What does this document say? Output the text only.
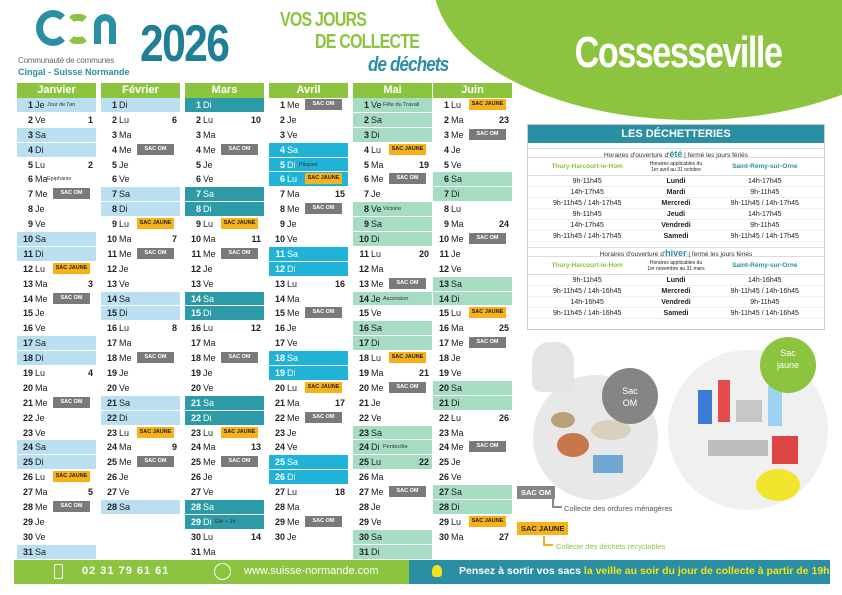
Cossesseville
Communauté de communes
Cingal - Suisse Normande 2026	VOS JOURS
DE COLLECTE
de déchets
Janvier
1 Je Jour de l'an
2 Ve	1
3 Sa
4 Di
5 Lu	2
6 Ma Epiphanie
7 Me	SAC OM
8 Je
9 Ve
10 Sa
11 Di
12 Lu	SAC JAUNE
13 Ma	3
14 Me	SAC OM
15 Je
16 Ve
17 Sa
18 Di
19 Lu	4
20 Ma
21 Me	SAC OM
22 Je
23 Ve
24 Sa
25 Di
26 Lu	SAC JAUNE
27 Ma	5
28 Me	SAC OM
29 Je
30 Ve
31 Sa
Février
1 Di
2 Lu	6
3 Ma
4 Me	SAC OM
5 Je
6 Ve
7 Sa
8 Di
9 Lu	SAC JAUNE
10 Ma	7
11 Me	SAC OM
12 Je
13 Ve
14 Sa
15 Di
16 Lu	8
17 Ma
18 Me	SAC OM
19 Je
20 Ve
21 Sa
22 Di
23 Lu	SAC JAUNE
24 Ma	9
25 Me	SAC OM
26 Je
27 Ve
28 Sa
Mars
1 Di
2 Lu	10
3 Ma
4 Me	SAC OM
5 Je
6 Ve
7 Sa
8 Di
9 Lu	SAC JAUNE
10 Ma	11
11 Me	SAC OM
12 Je
13 Ve
14 Sa
15 Di
16 Lu	12
17 Ma
18 Me	SAC OM
19 Je
20 Ve
21 Sa
22 Di
23 Lu	SAC JAUNE
24 Ma	13
25 Me	SAC OM
26 Je
27 Ve
28 Sa
29 Di Été + 1h
30 Lu	14
31 Ma
Avril
1 Me	SAC OM
2 Je
3 Ve
4 Sa
5 Di Pâques
6 Lu	SAC JAUNE
7 Ma	15
8 Me	SAC OM
9 Je
10 Ve
11 Sa
12 Di
13 Lu	16
14 Ma
15 Me	SAC OM
16 Je
17 Ve
18 Sa
19 Di
20 Lu	SAC JAUNE
21 Ma	17
22 Me	SAC OM
23 Je
24 Ve
25 Sa
26 Di
27 Lu	18
28 Ma
29 Me	SAC OM
30 Je
Mai
1 Ve Fête du Travail
2 Sa
3 Di
4 Lu	SAC JAUNE
5 Ma	19
6 Me	SAC OM
7 Je
8 Ve Victoire
9 Sa
10 Di
11 Lu	20
12 Ma
13 Me	SAC OM
14 Je Ascension
15 Ve
16 Sa
17 Di
18 Lu	SAC JAUNE
19 Ma	21
20 Me	SAC OM
21 Je
22 Ve
23 Sa
24 Di Pentecôte
25 Lu	22
26 Ma
27 Me	SAC OM
28 Je
29 Ve
30 Sa
31 Di
Juin
1 Lu	SAC JAUNE
2 Ma	23
3 Me	SAC OM
4 Je
5 Ve
6 Sa
7 Di
8 Lu
9 Ma	24
10 Me	SAC OM
11 Je
12 Ve
13 Sa
14 Di
15 Lu	SAC JAUNE
16 Ma	25
17 Me	SAC OM
18 Je
19 Ve
20 Sa
21 Di
22 Lu	26
23 Ma
24 Me	SAC OM
25 Je
26 Ve
27 Sa
28 Di
29 Lu	SAC JAUNE
30 Ma	27
LES DÉCHETTERIES
Horaires d'ouverture d'été | fermé les jours fériés
Thury-Harcourt-le-Hom	Horaires applicables du 1er avril au 31 octobre	Saint-Rémy-sur-Orne
9h-11h45	Lundi	14h-17h45
14h-17h45	Mardi	9h-11h45
9h-11h45 / 14h-17h45	Mercredi	9h-11h45 / 14h-17h45
9h-11h45	Jeudi	14h-17h45
14h-17h45	Vendredi	9h-11h45
9h-11h45 / 14h-17h45	Samedi	9h-11h45 / 14h-17h45
Horaires d'ouverture d'hiver | fermé les jours fériés
Thury-Harcourt-le-Hom	Horaires applicables du 1er novembre au 31 mars	Saint-Rémy-sur-Orne
9h-11h45	Lundi	14h-16h45
9h-11h45 / 14h-16h45	Mercredi	9h-11h45 / 14h-16h45
14h-16h45	Vendredi	9h-11h45
9h-11h45 / 14h-16h45	Samedi	9h-11h45 / 14h-16h45
Sac
OM
Sac
jaune
SAC OM
Collecte des ordures ménagères
SAC JAUNE
Collecte des déchets recyclables
02 31 79 61 61	www.suisse-normande.com	Pensez à sortir vos sacs la veille au soir du jour de collecte à partir de 19h
